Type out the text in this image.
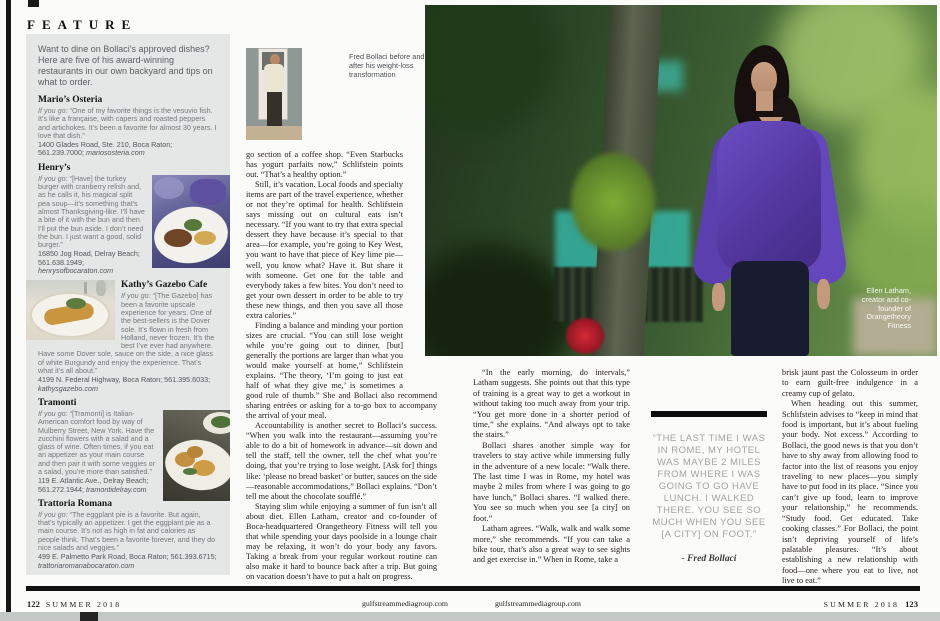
FEATURE
Want to dine on Bollaci’s approved dishes? Here are five of his award-winning restaurants in our own backyard and tips on what to order.
Mario’s Osteria
If you go: “One of my favorite things is the vesuvio fish. It’s like a française, with capers and roasted peppers and artichokes. It’s been a favorite for almost 30 years. I love that dish.”
1400 Glades Road, Ste. 210, Boca Raton; 561.239.7000; mariososteria.com
Henry’s
If you go: “[Have] the turkey burger with cranberry relish and, as he calls it, his magical split pea soup—it’s something that’s almost Thanksgiving-like. I’ll have a bite of it with the bun and then I’ll put the bun aside. I don’t need the bun. I just want a good, solid burger.”
16850 Jog Road, Delray Beach; 561.638.1949;
henrysofbocaraton.com
Kathy’s Gazebo Cafe
If you go: “[The Gazebo] has been a favorite upscale experience for years. One of the best-sellers is the Dover sole. It’s flown in fresh from Holland, never frozen. It’s the best I’ve ever had anywhere. Have some Dover sole, sauce on the side, a nice glass of white Burgundy and enjoy the experience. That’s what it’s all about.”
4199 N. Federal Highway, Boca Raton; 561.395.6033; kathysgazebo.com
Tramonti
If you go: “[Tramonti] is Italian-American comfort food by way of Mulberry Street, New York. Have the zucchini flowers with a salad and a glass of wine. Often times, if you eat an appetizer as your main course and then pair it with some veggies or a salad, you’re more than satisfied.”
119 E. Atlantic Ave., Delray Beach; 561.272.1944; tramontidelray.com
Trattoria Romana
If you go: “The eggplant pie is a favorite. But again, that’s typically an appetizer. I get the eggplant pie as a main course. It’s not as high in fat and calories as people think. That’s been a favorite forever, and they do nice salads and veggies.”
499 E. Palmetto Park Road, Boca Raton; 561.393.6715; trattoriaromanabocaraton.com
Fred Bollaci before and after his weight-loss transformation

go section of a coffee shop. “Even Starbucks has yogurt parfaits now,” Schlifstein points out. “That’s a healthy option.”

Still, it’s vacation. Local foods and specialty items are part of the travel experience, whether or not they’re optimal for health. Schlifstein says missing out on cultural eats isn’t necessary. “If you want to try that extra special dessert they have because it’s special to that area—for example, you’re going to Key West, you want to have that piece of Key lime pie—well, you know what? Have it. But share it with someone. Get one for the table and everybody takes a few bites. You don’t need to get your own dessert in order to be able to try these new things, and then you save all those extra calories.”

Finding a balance and minding your portion sizes are crucial. “You can still lose weight while you’re going out to dinner, [but] generally the portions are larger than what you would make yourself at home,” Schlifstein explains. “The theory, ‘I’m going to just eat half of what they give me,’ is sometimes a good rule of thumb.” She and Bollaci also recommend sharing entrées or asking for a to-go box to accompany the arrival of your meal.

Accountability is another secret to Bollaci’s success. “When you walk into the restaurant—assuming you’re able to do a bit of homework in advance—sit down and tell the staff, tell the owner, tell the chef what you’re doing, that you’re trying to lose weight. [Ask for] things like: ‘please no bread basket’ or butter, sauces on the side—reasonable accommodations,” Bollaci explains. “Don’t tell me about the chocolate soufflé.”

Staying slim while enjoying a summer of fun isn’t all about diet. Ellen Latham, creator and co-founder of Boca-headquartered Orangetheory Fitness will tell you that while spending your days poolside in a lounge chair may be relaxing, it won’t do your body any favors. Taking a break from your regular workout routine can also make it hard to bounce back after a trip. But going on vacation doesn’t have to put a halt on progress.

Ellen Latham, creator and co-founder of Orangetheory Fitness

“In the early morning, do intervals,” Latham suggests. She points out that this type of training is a great way to get a workout in without taking too much away from your trip. “You get more done in a shorter period of time,” she explains. “And always opt to take the stairs.”

Bollaci shares another simple way for travelers to stay active while immersing fully in the adventure of a new locale: “Walk there. The last time I was in Rome, my hotel was maybe 2 miles from where I was going to go have lunch,” Bollaci shares. “I walked there. You see so much when you see [a city] on foot.”

Latham agrees. “Walk, walk and walk some more,” she recommends. “If you can take a bike tour, that’s also a great way to see sights and get exercise in.” When in Rome, take a

brisk jaunt past the Colosseum in order to earn guilt-free indulgence in a creamy cup of gelato.

When heading out this summer, Schlifstein advises to “keep in mind that food is important, but it’s about fueling your body. Not excess.” According to Bollaci, the good news is that you don’t have to shy away from allowing food to factor into the list of reasons you enjoy traveling to new places—you simply have to put food in its place. “Since you can’t give up food, learn to improve your relationship,” he recommends. “Study food. Get educated. Take cooking classes.” For Bollaci, the point isn’t depriving yourself of life’s palatable pleasures. “It’s about establishing a new relationship with food—one where you eat to live, not live to eat.”

“THE LAST TIME I WAS IN ROME, MY HOTEL WAS MAYBE 2 MILES FROM WHERE I WAS GOING TO GO HAVE LUNCH. I WALKED THERE. YOU SEE SO MUCH WHEN YOU SEE [A CITY] ON FOOT.”
- Fred Bollaci
122 SUMMER 2018	gulfstreammediagroup.com	gulfstreammediagroup.com	SUMMER 2018 123
